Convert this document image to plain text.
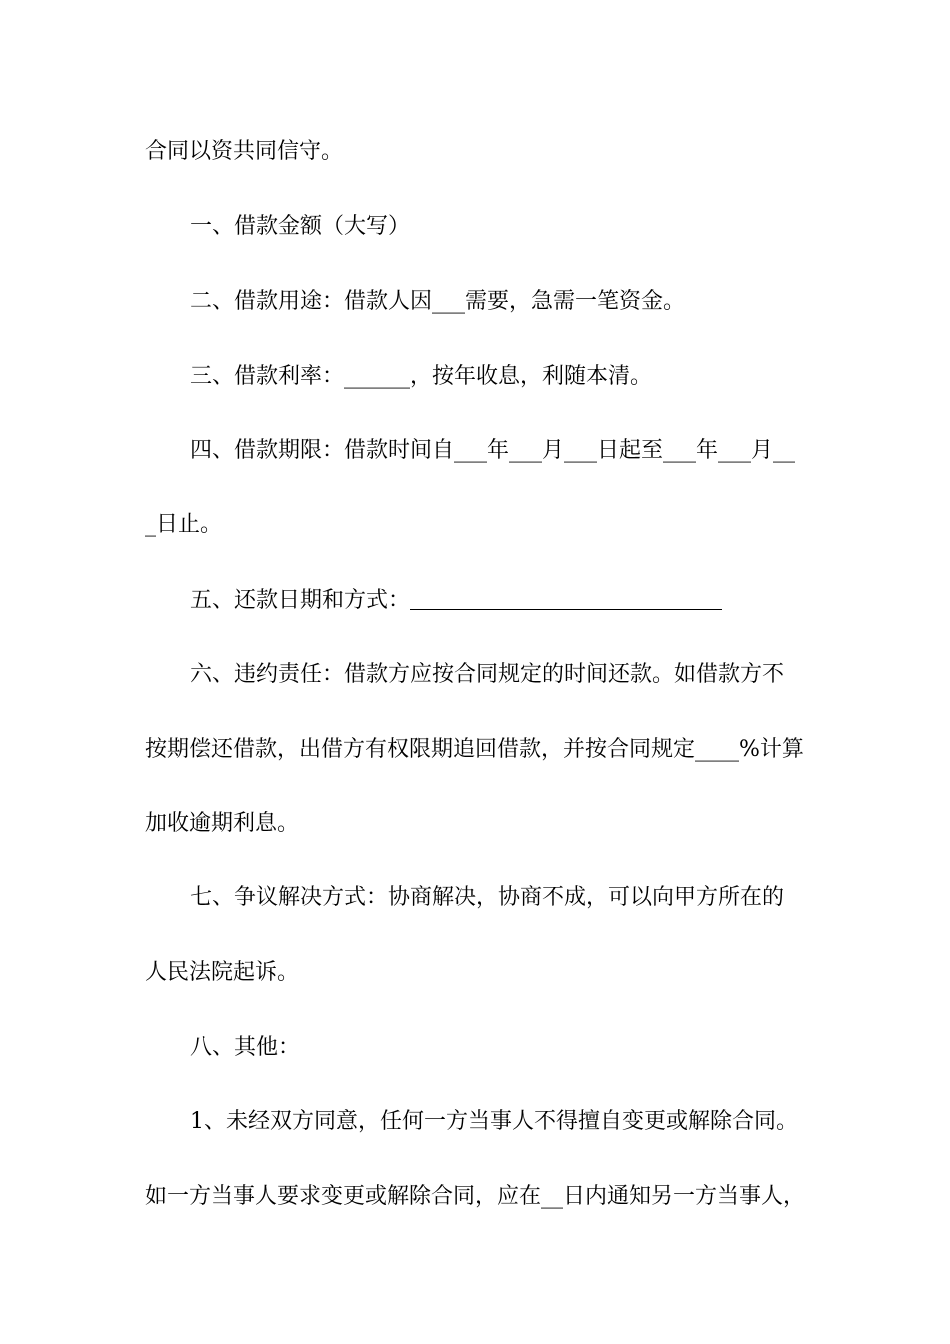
合同以资共同信守。
一、借款金额（大写）
二、借款用途：借款人因___需要，急需一笔资金。
三、借款利率：______，按年收息，利随本清。
四、借款期限：借款时间自___年___月___日起至___年___月__
_日止。
五、还款日期和方式：
六、违约责任：借款方应按合同规定的时间还款。如借款方不
按期偿还借款，出借方有权限期追回借款，并按合同规定____%计算
加收逾期利息。
七、争议解决方式：协商解决，协商不成，可以向甲方所在的
人民法院起诉。
八、其他：
1、未经双方同意，任何一方当事人不得擅自变更或解除合同。
如一方当事人要求变更或解除合同，应在__日内通知另一方当事人，
